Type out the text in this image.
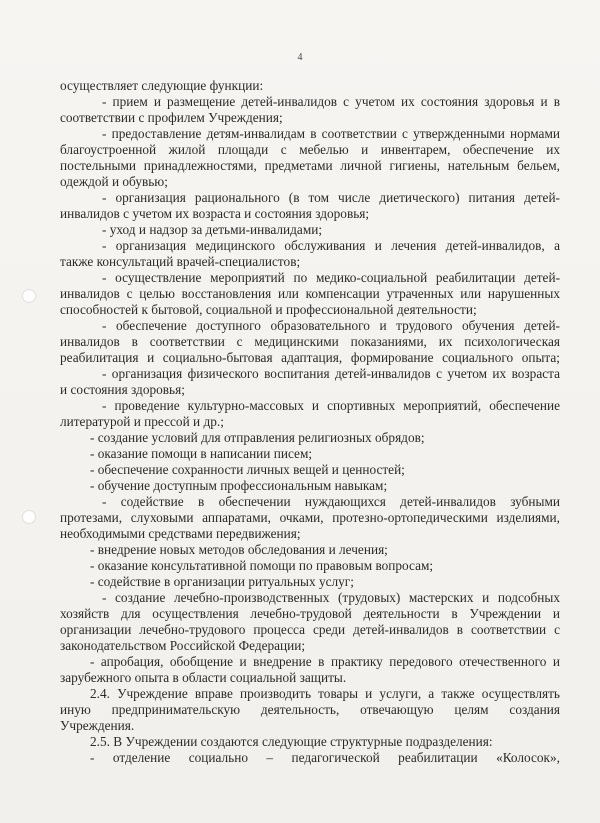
4
осуществляет следующие функции:
- прием и размещение детей-инвалидов с учетом их состояния здоровья и в
соответствии с профилем Учреждения;
- предоставление детям-инвалидам в соответствии с утвержденными нормами
благоустроенной жилой площади с мебелью и инвентарем, обеспечение их
постельными принадлежностями, предметами личной гигиены, нательным бельем,
одеждой и обувью;
- организация рационального (в том числе диетического) питания детей-
инвалидов с учетом их возраста и состояния здоровья;
- уход и надзор за детьми-инвалидами;
- организация медицинского обслуживания и лечения детей-инвалидов, а
также консультаций врачей-специалистов;
- осуществление мероприятий по медико-социальной реабилитации детей-
инвалидов с целью восстановления или компенсации утраченных или нарушенных
способностей к бытовой, социальной и профессиональной деятельности;
- обеспечение доступного образовательного и трудового обучения детей-
инвалидов в соответствии с медицинскими показаниями, их психологическая
реабилитация и социально-бытовая адаптация, формирование социального опыта;
- организация физического воспитания детей-инвалидов с учетом их возраста
и состояния здоровья;
- проведение культурно-массовых и спортивных мероприятий, обеспечение
литературой и прессой и др.;
- создание условий для отправления религиозных обрядов;
- оказание помощи в написании писем;
- обеспечение сохранности личных вещей и ценностей;
- обучение доступным профессиональным навыкам;
- содействие в обеспечении нуждающихся детей-инвалидов зубными
протезами, слуховыми аппаратами, очками, протезно-ортопедическими изделиями,
необходимыми средствами передвижения;
- внедрение новых методов обследования и лечения;
- оказание консультативной помощи по правовым вопросам;
- содействие в организации ритуальных услуг;
- создание лечебно-производственных (трудовых) мастерских и подсобных
хозяйств для осуществления лечебно-трудовой деятельности в Учреждении и
организации лечебно-трудового процесса среди детей-инвалидов в соответствии с
законодательством Российской Федерации;
- апробация, обобщение и внедрение в практику передового отечественного и
зарубежного опыта в области социальной защиты.
2.4. Учреждение вправе производить товары и услуги, а также осуществлять
иную предпринимательскую деятельность, отвечающую целям создания
Учреждения.
2.5. В Учреждении создаются следующие структурные подразделения:
- отделение социально – педагогической реабилитации «Колосок»,
